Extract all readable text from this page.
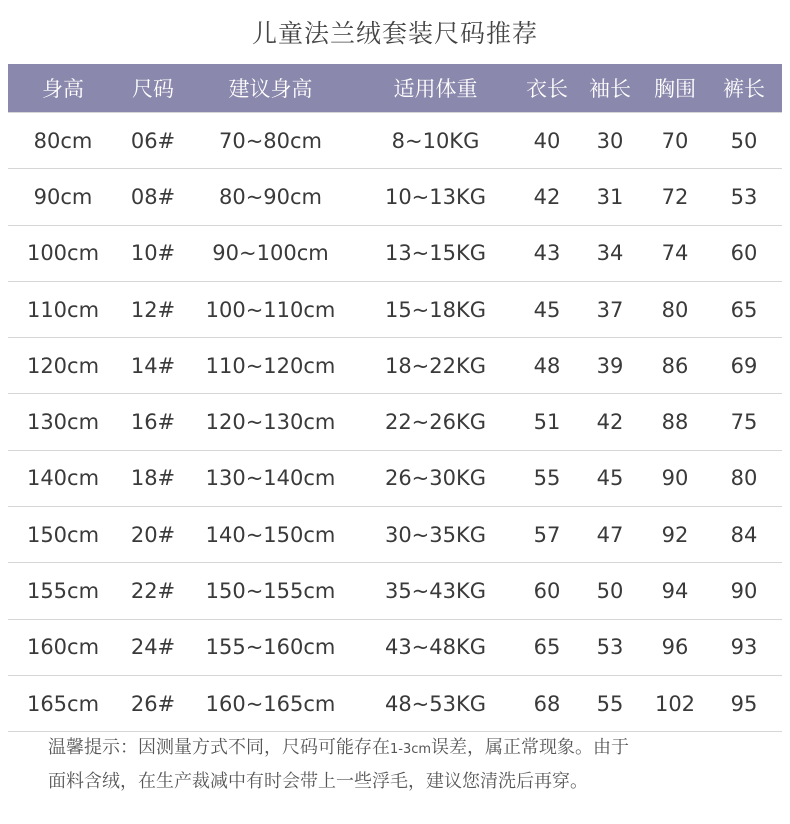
儿童法兰绒套装尺码推荐
身高	尺码	建议身高	适用体重	衣长	袖长	胸围	裤长
80cm	06#	70~80cm	8~10KG	40	30	70	50
90cm	08#	80~90cm	10~13KG	42	31	72	53
100cm	10#	90~100cm	13~15KG	43	34	74	60
110cm	12#	100~110cm	15~18KG	45	37	80	65
120cm	14#	110~120cm	18~22KG	48	39	86	69
130cm	16#	120~130cm	22~26KG	51	42	88	75
140cm	18#	130~140cm	26~30KG	55	45	90	80
150cm	20#	140~150cm	30~35KG	57	47	92	84
155cm	22#	150~155cm	35~43KG	60	50	94	90
160cm	24#	155~160cm	43~48KG	65	53	96	93
165cm	26#	160~165cm	48~53KG	68	55	102	95
温馨提示：因测量方式不同，尺码可能存在1-3cm误差，属正常现象。由于
面料含绒，在生产裁减中有时会带上一些浮毛，建议您清洗后再穿。
